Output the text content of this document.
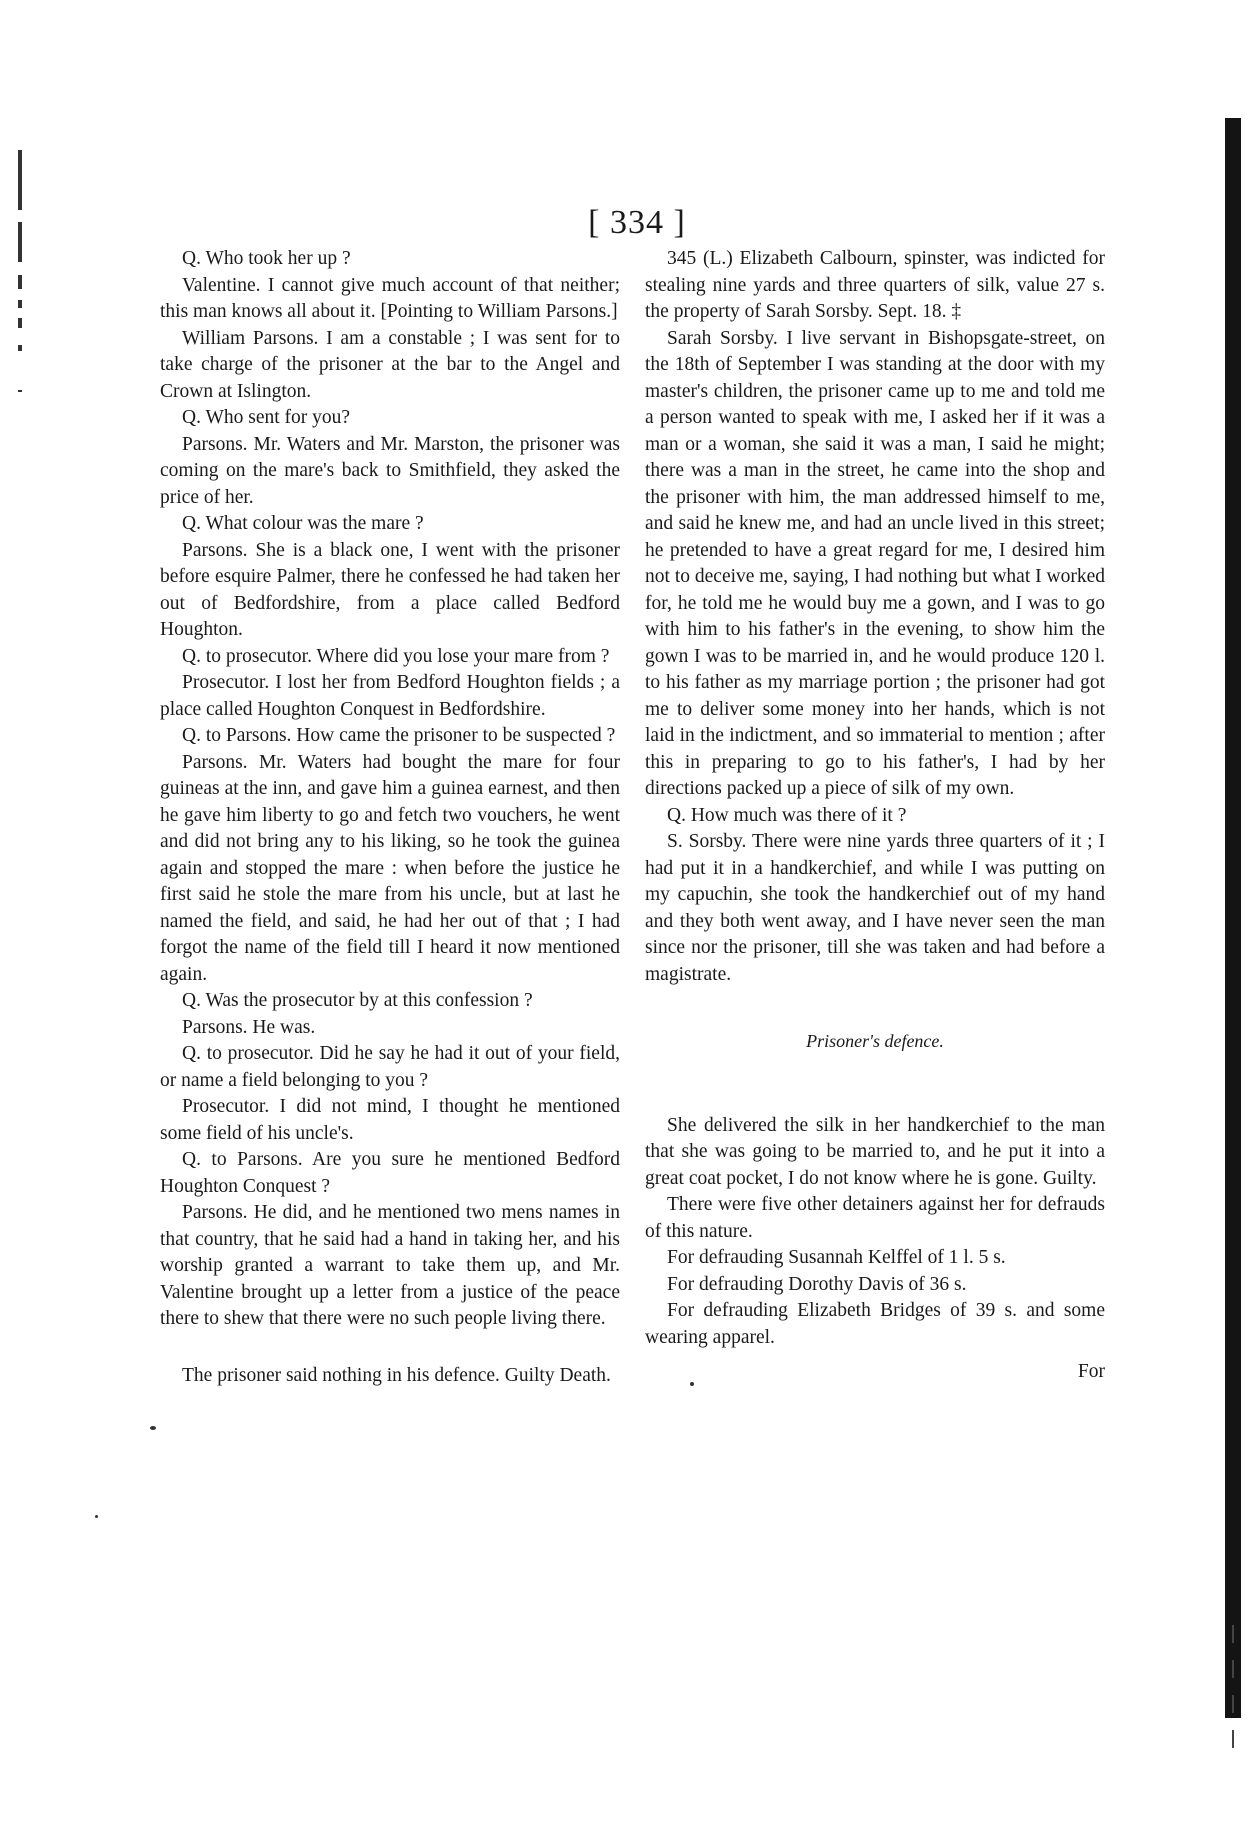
[ 334 ]

Q. Who took her up ?

Valentine. I cannot give much account of that neither; this man knows all about it. [Pointing to William Parsons.]

William Parsons. I am a constable ; I was sent for to take charge of the prisoner at the bar to the Angel and Crown at Islington.

Q. Who sent for you?

Parsons. Mr. Waters and Mr. Marston, the prisoner was coming on the mare's back to Smithfield, they asked the price of her.

Q. What colour was the mare ?

Parsons. She is a black one, I went with the prisoner before esquire Palmer, there he confessed he had taken her out of Bedfordshire, from a place called Bedford Houghton.

Q. to prosecutor. Where did you lose your mare from ?

Prosecutor. I lost her from Bedford Houghton fields ; a place called Houghton Conquest in Bedfordshire.

Q. to Parsons. How came the prisoner to be suspected ?

Parsons. Mr. Waters had bought the mare for four guineas at the inn, and gave him a guinea earnest, and then he gave him liberty to go and fetch two vouchers, he went and did not bring any to his liking, so he took the guinea again and stopped the mare : when before the justice he first said he stole the mare from his uncle, but at last he named the field, and said, he had her out of that ; I had forgot the name of the field till I heard it now mentioned again.

Q. Was the prosecutor by at this confession ?

Parsons. He was.

Q. to prosecutor. Did he say he had it out of your field, or name a field belonging to you ?

Prosecutor. I did not mind, I thought he mentioned some field of his uncle's.

Q. to Parsons. Are you sure he mentioned Bedford Houghton Conquest ?

Parsons. He did, and he mentioned two mens names in that country, that he said had a hand in taking her, and his worship granted a warrant to take them up, and Mr. Valentine brought up a letter from a justice of the peace there to shew that there were no such people living there.

The prisoner said nothing in his defence. Guilty Death.

345 (L.) Elizabeth Calbourn, spinster, was indicted for stealing nine yards and three quarters of silk, value 27 s. the property of Sarah Sorsby. Sept. 18. ‡

Sarah Sorsby. I live servant in Bishopsgate-street, on the 18th of September I was standing at the door with my master's children, the prisoner came up to me and told me a person wanted to speak with me, I asked her if it was a man or a woman, she said it was a man, I said he might; there was a man in the street, he came into the shop and the prisoner with him, the man addressed himself to me, and said he knew me, and had an uncle lived in this street; he pretended to have a great regard for me, I desired him not to deceive me, saying, I had nothing but what I worked for, he told me he would buy me a gown, and I was to go with him to his father's in the evening, to show him the gown I was to be married in, and he would produce 120 l. to his father as my marriage portion ; the prisoner had got me to deliver some money into her hands, which is not laid in the indictment, and so immaterial to mention ; after this in preparing to go to his father's, I had by her directions packed up a piece of silk of my own.

Q. How much was there of it ?

S. Sorsby. There were nine yards three quarters of it ; I had put it in a handkerchief, and while I was putting on my capuchin, she took the handkerchief out of my hand and they both went away, and I have never seen the man since nor the prisoner, till she was taken and had before a magistrate.

Prisoner's defence.

She delivered the silk in her handkerchief to the man that she was going to be married to, and he put it into a great coat pocket, I do not know where he is gone. Guilty.

There were five other detainers against her for defrauds of this nature.

For defrauding Susannah Kelffel of 1 l. 5 s.

For defrauding Dorothy Davis of 36 s.

For defrauding Elizabeth Bridges of 39 s. and some wearing apparel.

For
